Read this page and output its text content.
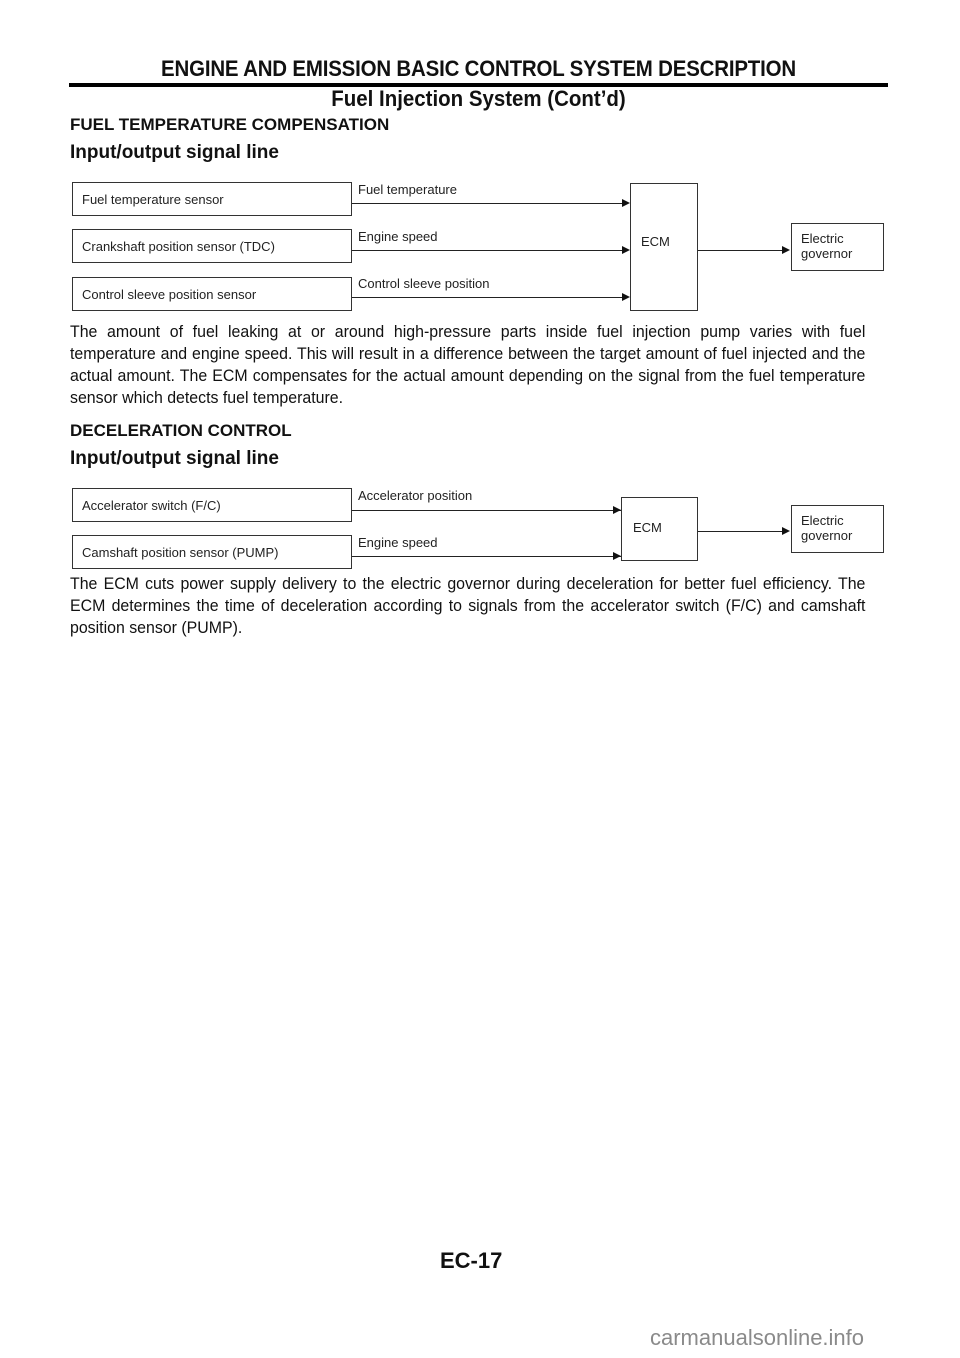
ENGINE AND EMISSION BASIC CONTROL SYSTEM DESCRIPTION
Fuel Injection System (Cont’d)
FUEL TEMPERATURE COMPENSATION
Input/output signal line
Fuel temperature sensor
Crankshaft position sensor (TDC)
Control sleeve position sensor
Fuel temperature
Engine speed
Control sleeve position
ECM	Electric
governor
The amount of fuel leaking at or around high-pressure parts inside fuel injection pump varies with fuel temperature and engine speed. This will result in a difference between the target amount of fuel injected and the actual amount. The ECM compensates for the actual amount depending on the signal from the fuel temperature sensor which detects fuel temperature.
DECELERATION CONTROL
Input/output signal line
Accelerator switch (F/C)
Camshaft position sensor (PUMP)
Accelerator position
Engine speed
ECM	Electric
governor
The ECM cuts power supply delivery to the electric governor during deceleration for better fuel efficiency. The ECM determines the time of deceleration according to signals from the accelerator switch (F/C) and camshaft position sensor (PUMP).
EC-17
carmanualsonline.info
